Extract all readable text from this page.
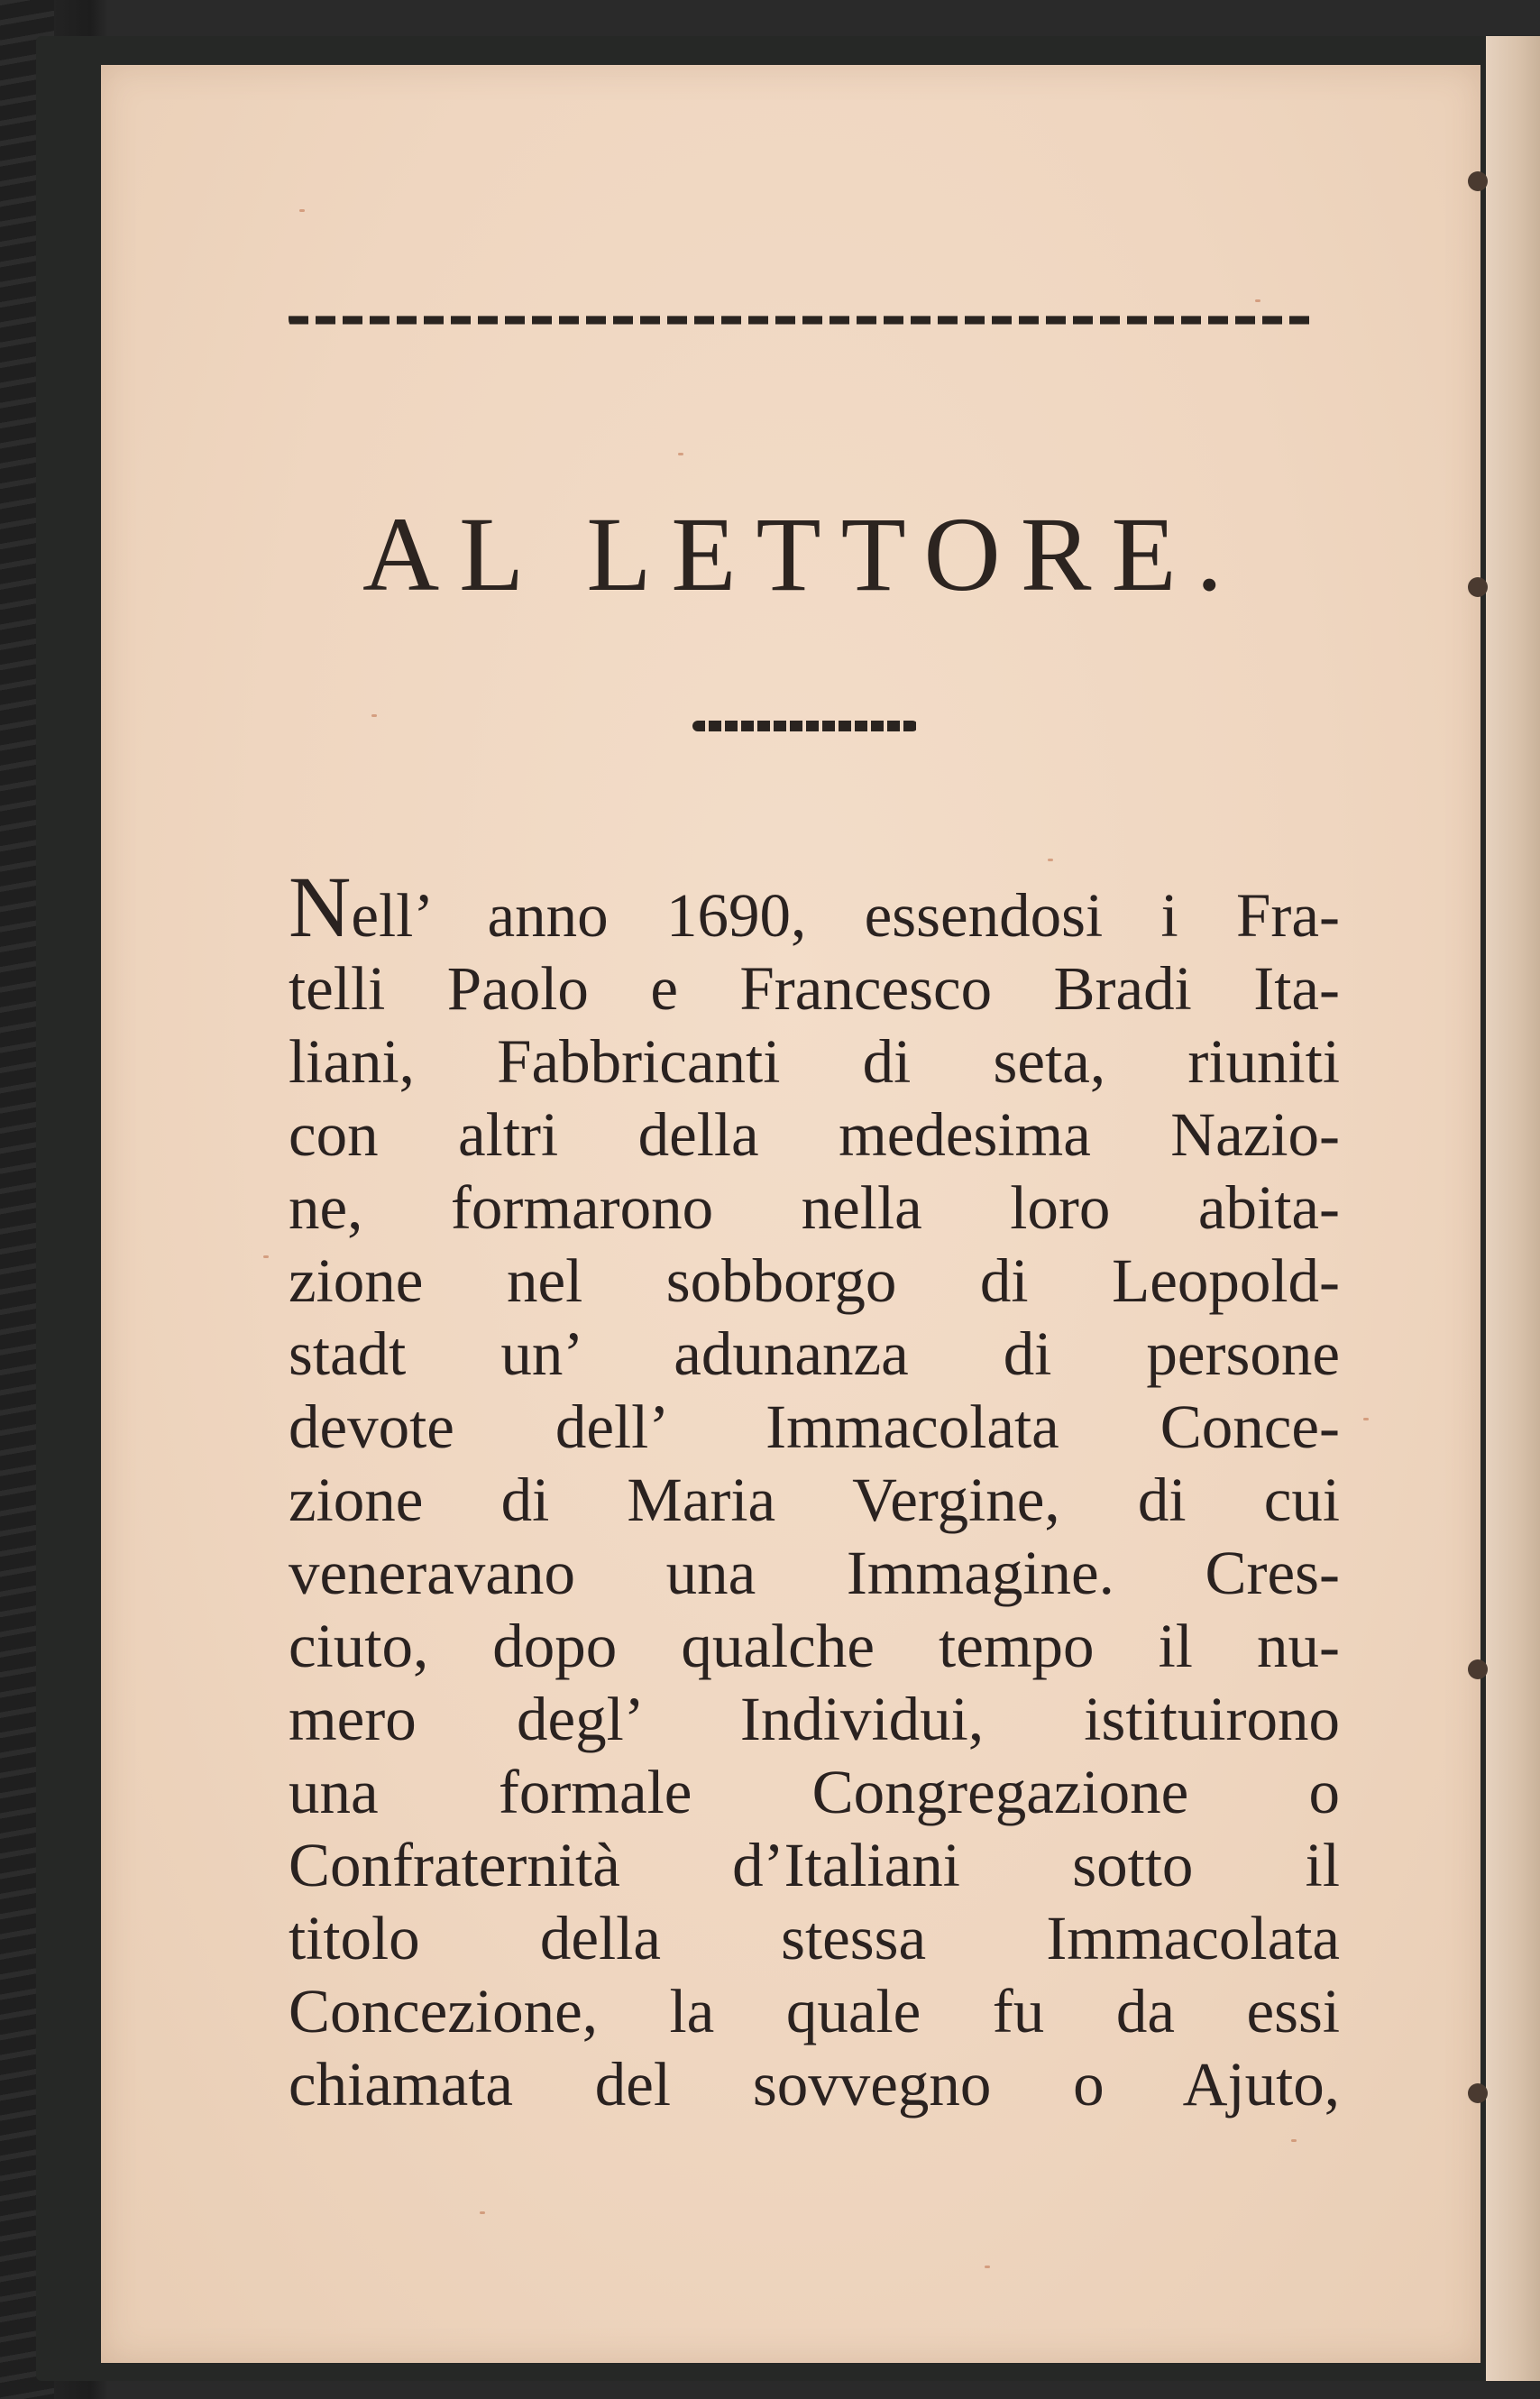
AL LETTORE.
Nell’ anno 1690, essendosi i Fra-
telli Paolo e Francesco Bradi Ita-
liani, Fabbricanti di seta, riuniti
con altri della medesima Nazio-
ne, formarono nella loro abita-
zione nel sobborgo di Leopold-
stadt un’ adunanza di persone
devote dell’ Immacolata Conce-
zione di Maria Vergine, di cui
veneravano una Immagine. Cres-
ciuto, dopo qualche tempo il nu-
mero degl’ Individui, istituirono
una formale Congregazione o
Confraternità d’Italiani sotto il
titolo della stessa Immacolata
Concezione, la quale fu da essi
chiamata del sovvegno o Ajuto,
